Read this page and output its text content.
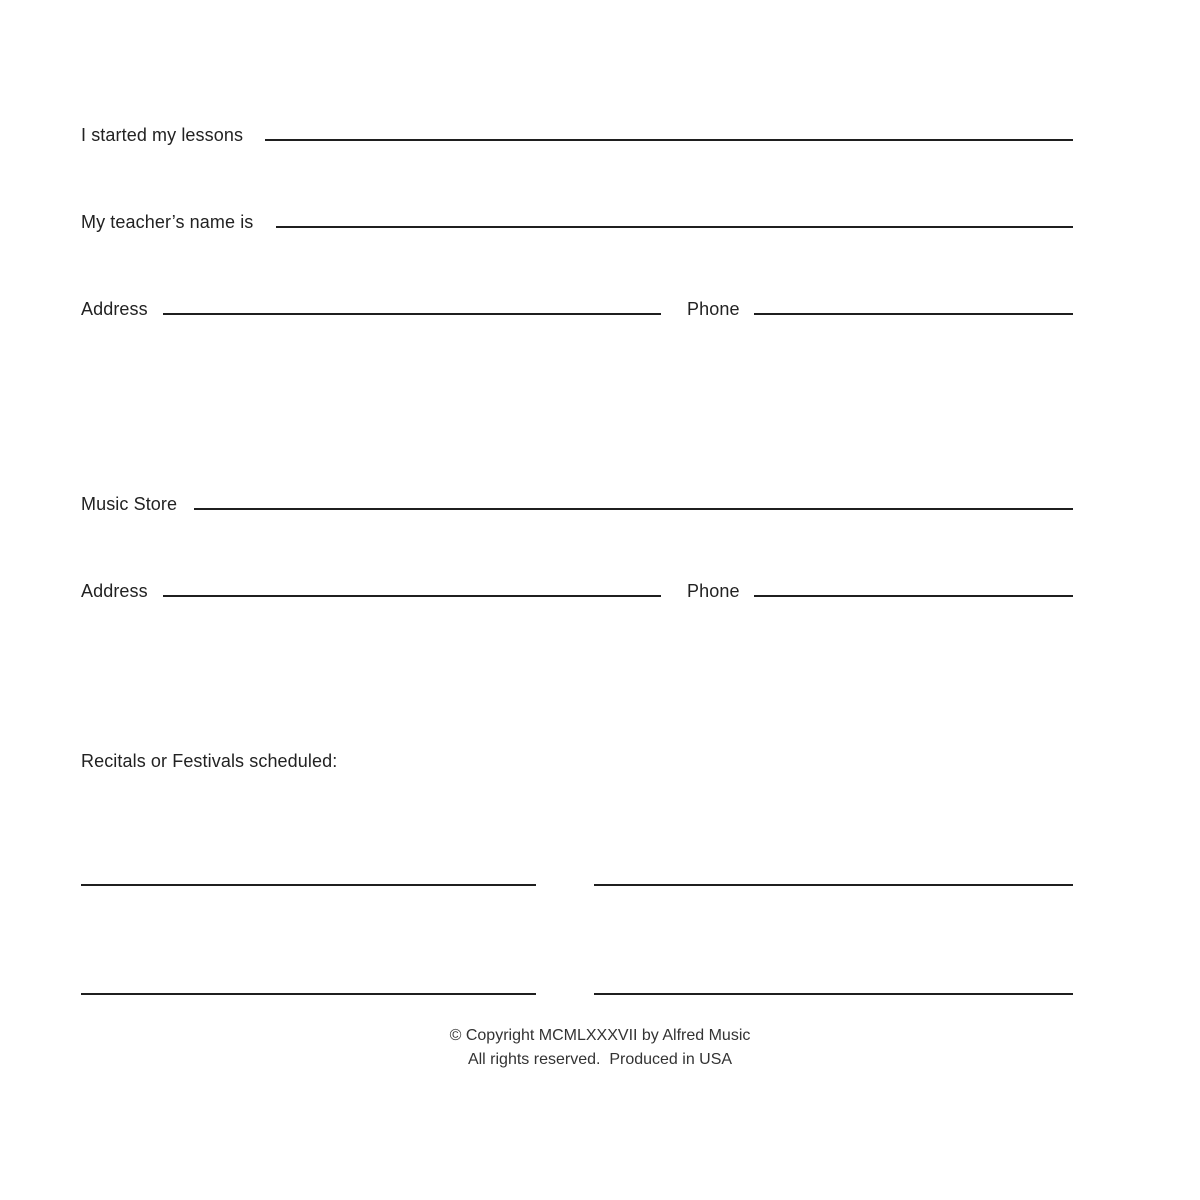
I started my lessons
My teacher’s name is
Address	Phone
Music Store
Address	Phone
Recitals or Festivals scheduled:
© Copyright MCMLXXXVII by Alfred Music
All rights reserved.  Produced in USA
